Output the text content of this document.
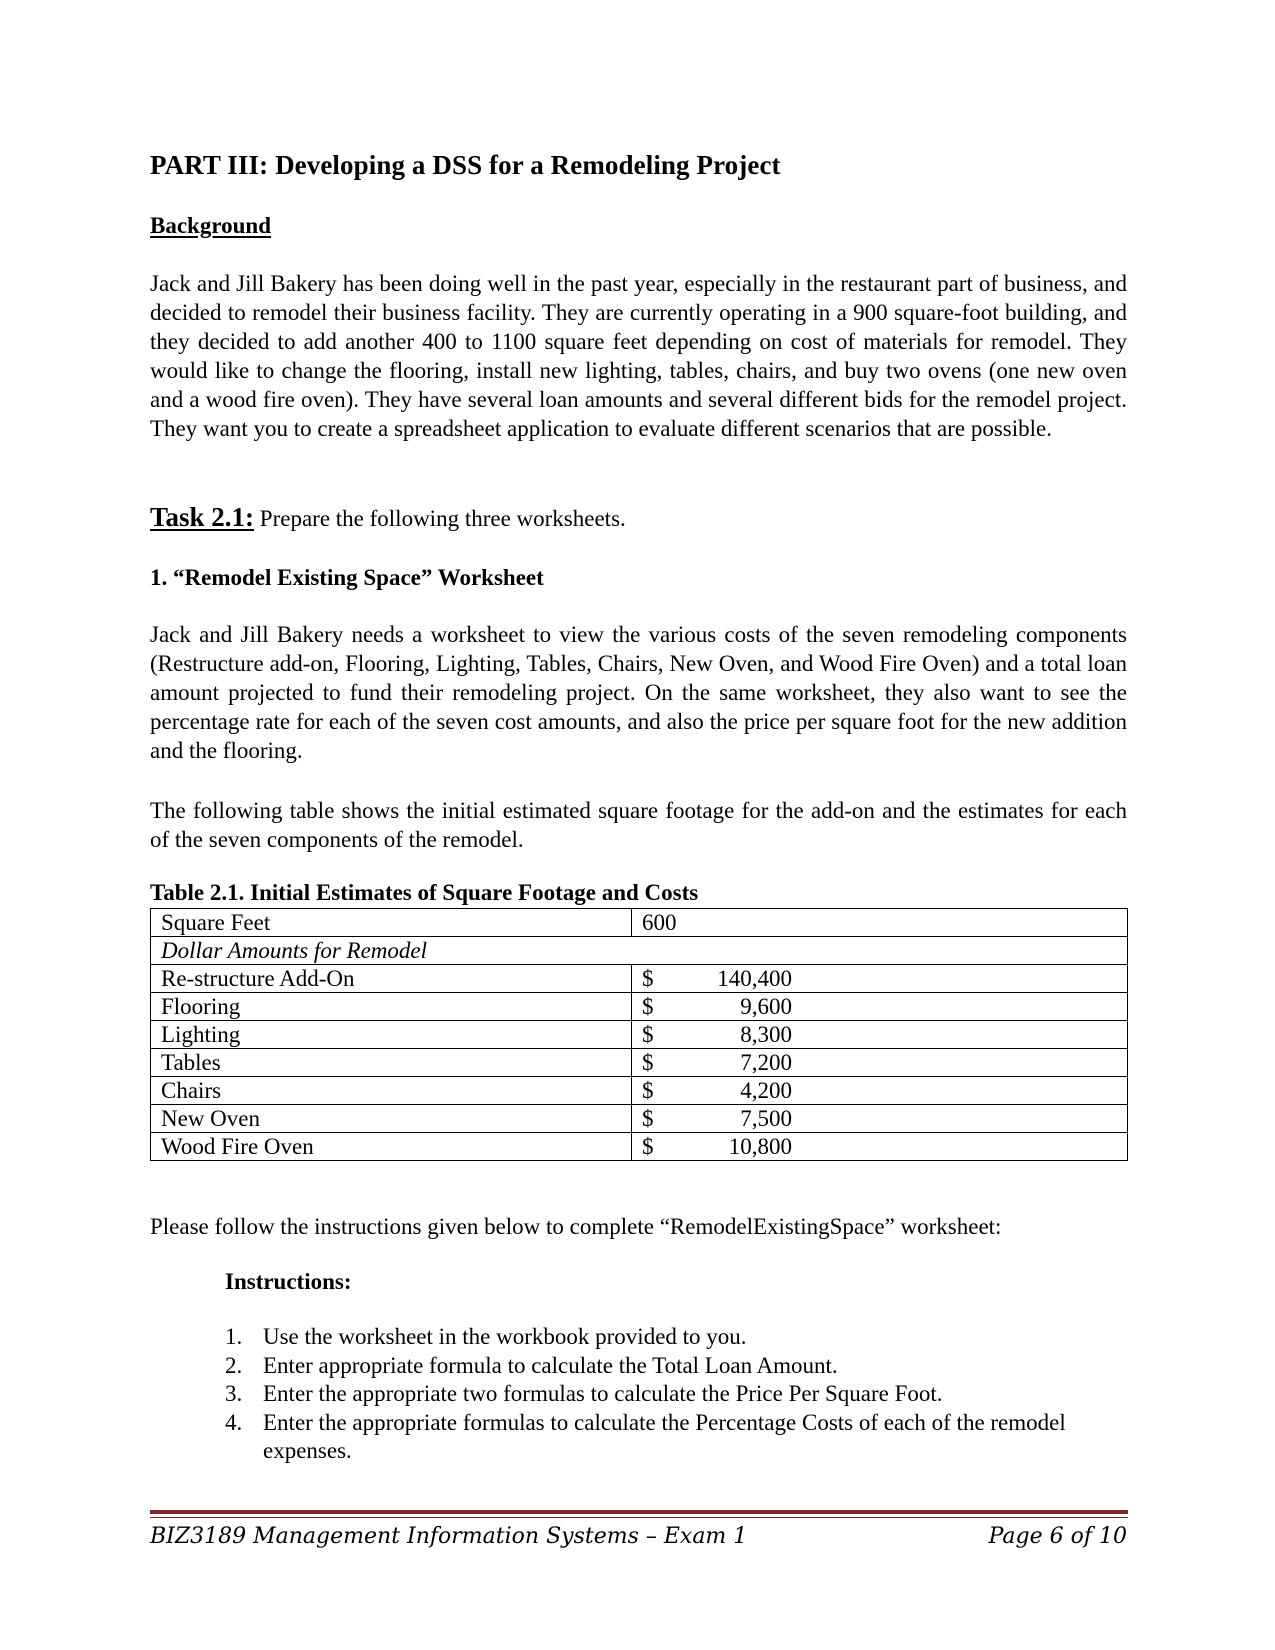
PART III: Developing a DSS for a Remodeling Project
Background

Jack and Jill Bakery has been doing well in the past year, especially in the restaurant part of business, and decided to remodel their business facility. They are currently operating in a 900 square-foot building, and they decided to add another 400 to 1100 square feet depending on cost of materials for remodel. They would like to change the flooring, install new lighting, tables, chairs, and buy two ovens (one new oven and a wood fire oven). They have several loan amounts and several different bids for the remodel project. They want you to create a spreadsheet application to evaluate different scenarios that are possible.

Task 2.1: Prepare the following three worksheets.

1. “Remodel Existing Space” Worksheet

Jack and Jill Bakery needs a worksheet to view the various costs of the seven remodeling components (Restructure add-on, Flooring, Lighting, Tables, Chairs, New Oven, and Wood Fire Oven) and a total loan amount projected to fund their remodeling project. On the same worksheet, they also want to see the percentage rate for each of the seven cost amounts, and also the price per square foot for the new addition and the flooring.

The following table shows the initial estimated square footage for the add-on and the estimates for each of the seven components of the remodel.

Table 2.1. Initial Estimates of Square Footage and Costs

Square Feet	600
Dollar Amounts for Remodel	
Re-structure Add-On	$ 140,400

Flooring	$ 9,600

Lighting	$ 8,300

Tables	$ 7,200

Chairs	$ 4,200

New Oven	$ 7,500

Wood Fire Oven	$ 10,800

Please follow the instructions given below to complete “RemodelExistingSpace” worksheet:

Instructions:

1. Use the worksheet in the workbook provided to you.
2. Enter appropriate formula to calculate the Total Loan Amount.
3. Enter the appropriate two formulas to calculate the Price Per Square Foot.
4. Enter the appropriate formulas to calculate the Percentage Costs of each of the remodel expenses.

BIZ3189 Management Information Systems – Exam 1	Page 6 of 10
